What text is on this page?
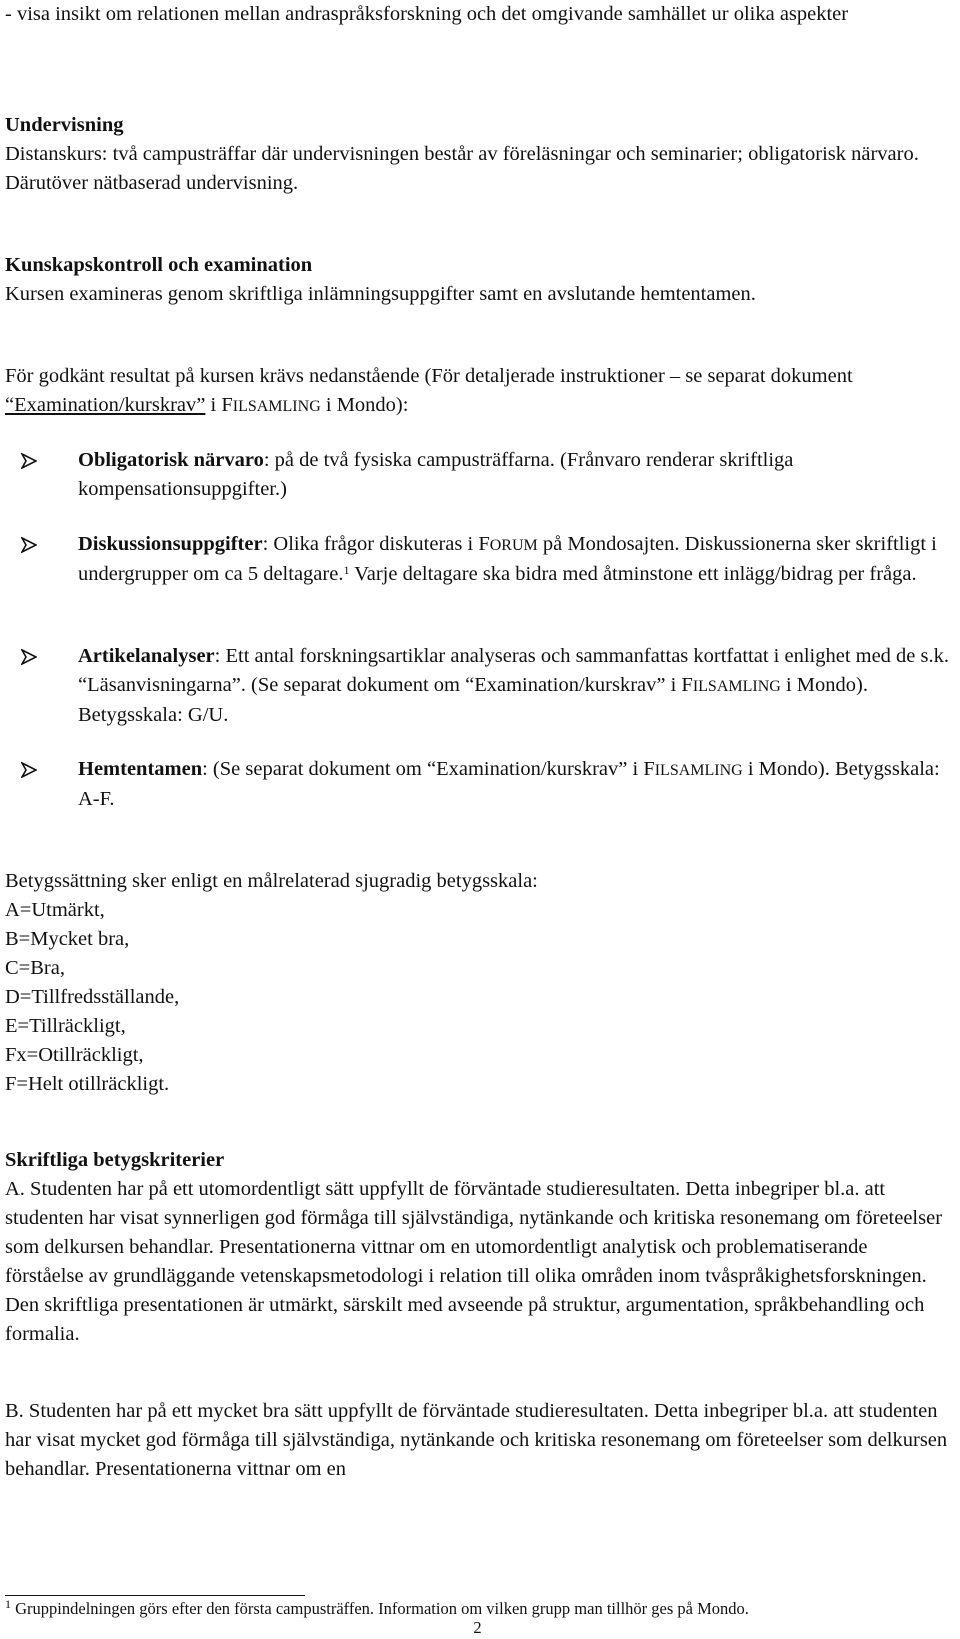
- visa insikt om relationen mellan andraspråksforskning och det omgivande samhället ur olika aspekter

Undervisning

Distanskurs: två campusträffar där undervisningen består av föreläsningar och seminarier; obligatorisk närvaro. Därutöver nätbaserad undervisning.

Kunskapskontroll och examination

Kursen examineras genom skriftliga inlämningsuppgifter samt en avslutande hemtentamen.

För godkänt resultat på kursen krävs nedanstående (För detaljerade instruktioner – se separat dokument “Examination/kurskrav” i FILSAMLING i Mondo):

Obligatorisk närvaro: på de två fysiska campusträffarna. (Frånvaro renderar skriftliga kompensationsuppgifter.)

Diskussionsuppgifter: Olika frågor diskuteras i FORUM på Mondosajten. Diskussionerna sker skriftligt i undergrupper om ca 5 deltagare.$^1$ Varje deltagare ska bidra med åtminstone ett inlägg/bidrag per fråga.

Artikelanalyser: Ett antal forskningsartiklar analyseras och sammanfattas kortfattat i enlighet med de s.k. “Läsanvisningarna”. (Se separat dokument om “Examination/kurskrav” i FILSAMLING i Mondo). Betygsskala: G/U.

Hemtentamen: (Se separat dokument om “Examination/kurskrav” i FILSAMLING i Mondo). Betygsskala: A-F.

Betygssättning sker enligt en målrelaterad sjugradig betygsskala:

A=Utmärkt,
B=Mycket bra,
C=Bra,
D=Tillfredsställande,
E=Tillräckligt,
Fx=Otillräckligt,
F=Helt otillräckligt.

Skriftliga betygskriterier

A. Studenten har på ett utomordentligt sätt uppfyllt de förväntade studieresultaten. Detta inbegriper bl.a. att studenten har visat synnerligen god förmåga till självständiga, nytänkande och kritiska resonemang om företeelser som delkursen behandlar. Presentationerna vittnar om en utomordentligt analytisk och problematiserande förståelse av grundläggande vetenskapsmetodologi i relation till olika områden inom tvåspråkighetsforskningen. Den skriftliga presentationen är utmärkt, särskilt med avseende på struktur, argumentation, språkbehandling och formalia.

B. Studenten har på ett mycket bra sätt uppfyllt de förväntade studieresultaten. Detta inbegriper bl.a. att studenten har visat mycket god förmåga till självständiga, nytänkande och kritiska resonemang om företeelser som delkursen behandlar. Presentationerna vittnar om en

$^1$ Gruppindelningen görs efter den första campusträffen. Information om vilken grupp man tillhör ges på Mondo.

2
